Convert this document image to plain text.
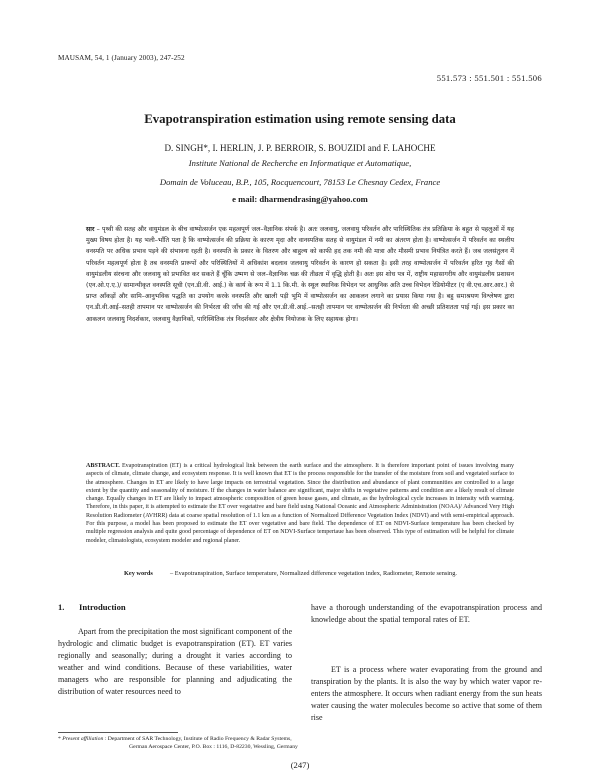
MAUSAM, 54, 1 (January 2003), 247-252
551.573 : 551.501 : 551.506
Evapotranspiration estimation using remote sensing data
D. SINGH*, I. HERLIN, J. P. BERROIR, S. BOUZIDI and F. LAHOCHE
Institute National de Recherche en Informatique et Automatique,
Domain de Voluceau, B.P., 105, Rocquencourt, 78153 Le Chesnay Cedex, France
e mail: dharmendrasing@yahoo.com

सार – पृथ्वी की सतह और वायुमंडल के बीच वाष्पोत्सर्जन एक महत्वपूर्ण जल–वैज्ञानिक संपर्क है। अतः जलवायु, जलवायु परिवर्तन और पारिस्थितिक तंत्र प्रतिक्रिया के बहुत से पहलुओं में यह मुख्य विषय होता है। यह भली–भाँति पता है कि वाष्पोत्सर्जन की प्रक्रिया के कारण मृदा और वानस्पतिक सतह से वायुमंडल में नमी का अंतरण होता है। वाष्पोत्सर्जन में परिवर्तन का स्थलीय वनस्पति पर अधिक प्रभाव पड़ने की संभावना रहती है। वनस्पति के प्रकार के वितरण और बाहुल्य को काफी हद तक नमी की मात्रा और मौसमी प्रभाव नियंत्रित करते हैं। जब जलसंतुलन में परिवर्तन महत्वपूर्ण होता है तब वनस्पति प्रारूपों और परिस्थितियों में अधिकांश बदलाव जलवायु परिवर्तन के कारण हो सकता है। इसी तरह वाष्पोत्सर्जन में परिवर्तन हरित गृह गैसों की वायुमंडलीय संरचना और जलवायु को प्रभावित कर सकते हैं चूँकि उष्मण से जल–वैज्ञानिक चक्र की तीव्रता में वृद्धि होती है। अतः इस शोध पत्र में, राष्ट्रीय महासागरीय और वायुमंडलीय प्रशासन (एन.ओ.ए.ए.)/ सामान्यीकृत वनस्पति सूची (एन.डी.वी. आई.) के कार्य के रूप में 1.1 कि.मी. के स्थूल स्थानिक विभेदन पर आधुनिक अति उच्च विभेदन रेडियोमीटर (ए वी.एच.आर.आर.) से प्राप्त आँकड़ों और सामि–आनुभविक पद्धति का उपयोग करके वनस्पति और खाली पड़ी भूमि में वाष्पोत्सर्जन का आकलन लगाने का प्रयास किया गया है। बहु समाश्रयण विश्लेषण द्वारा एन.डी.वी.आई–सतही तापमान पर वाष्पोत्सर्जन की निर्भरता की जाँच की गई और एन.डी.वी.आई.–सतही तापमान पर वाष्पोत्सर्जन की निर्भरता की अच्छी प्रतिशतता पाई गई। इस प्रकार का आकलन जलवायु निदर्शकार, जलवायु वैज्ञानिकों, पारिस्थितिक तंत्र निदर्शकार और क्षेत्रीय नियोजक के लिए सहायक होगा।

ABSTRACT. Evapotranspiration (ET) is a critical hydrological link between the earth surface and the atmosphere. It is therefore important point of issues involving many aspects of climate, climate change, and ecosystem response. It is well known that ET is the process responsible for the transfer of the moisture from soil and vegetated surface to the atmosphere. Changes in ET are likely to have large impacts on terrestrial vegetation. Since the distribution and abundance of plant communities are controlled to a large extent by the quantity and seasonality of moisture. If the changes in water balance are significant, major shifts in vegetative patterns and condition are a likely result of climate change. Equally changes in ET are likely to impact atmospheric composition of green house gases, and climate, as the hydrological cycle increases in intensity with warming. Therefore, in this paper, it is attempted to estimate the ET over vegetative and bare field using National Oceanic and Atmospheric Administration (NOAA)/ Advanced Very High Resolution Radiometer (AVHRR) data at coarse spatial resolution of 1.1 km as a function of Normalized Difference Vegetation Index (NDVI) and with semi-empirical approach. For this purpose, a model has been proposed to estimate the ET over vegetative and bare field. The dependence of ET on NDVI-Surface temperature has been checked by multiple regression analysis and quite good percentage of dependence of ET on NDVI-Surface tempertaue has been observed. This type of estimation will be helpful for climate modeler, climatologists, ecosystem modeler and regional planer.

Key words	– Evapotranspiration, Surface temperature, Normalized difference vegetation index, Radiometer, Remote sensing.
1. Introduction

Apart from the precipitation the most significant component of the hydrologic and climatic budget is evapotranspiration (ET). ET varies regionally and seasonally; during a drought it varies according to weather and wind conditions. Because of these variabilities, water managers who are responsible for planning and adjudicating the distribution of water resources need to

have a thorough understanding of the evapotranspiration process and knowledge about the spatial temporal rates of ET.

ET is a process where water evaporating from the ground and transpiration by the plants. It is also the way by which water vapor re-enters the atmosphere. It occurs when radiant energy from the sun heats water causing the water molecules become so active that some of them rise

* Present affiliation : Department of SAR Technology, Institute of Radio Frequency & Radar Systems,
German Aerospace Center, P.O. Box : 1116, D-82230, Wessling, Germany
(247)
